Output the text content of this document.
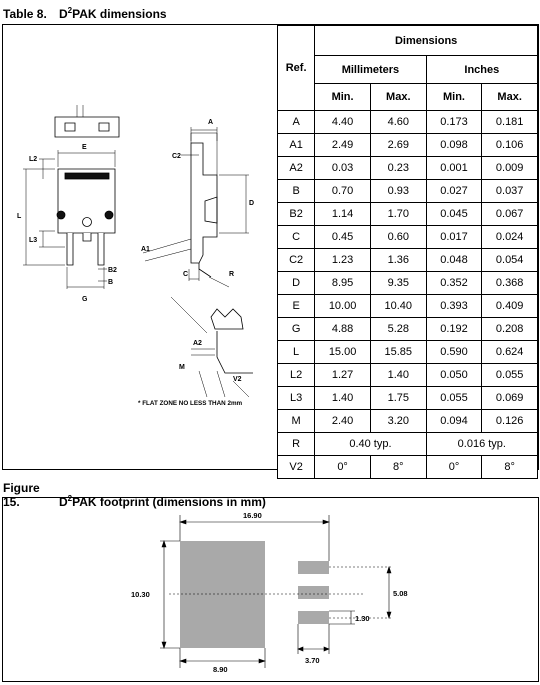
Table 8. $D^2PAK$ dimensions
A
C2
E
L2
L
D
L3
A1
B2
B
C	R
G
A2
M
V2
* FLAT ZONE NO LESS THAN 2mm
Ref.	Dimensions			
	Millimeters		Inches	
	Min.	Max.	Min.	Max.
A	4.40	4.60	0.173	0.181
A1	2.49	2.69	0.098	0.106
A2	0.03	0.23	0.001	0.009
B	0.70	0.93	0.027	0.037
B2	1.14	1.70	0.045	0.067
C	0.45	0.60	0.017	0.024
C2	1.23	1.36	0.048	0.054
D	8.95	9.35	0.352	0.368
E	10.00	10.40	0.393	0.409
G	4.88	5.28	0.192	0.208
L	15.00	15.85	0.590	0.624
L2	1.27	1.40	0.050	0.055
L3	1.40	1.75	0.055	0.069
M	2.40	3.20	0.094	0.126
R	0.40 typ.		0.016 typ.	
V2	0°	8°	0°	8°
Figure 15.	$D^2PAK$ footprint (dimensions in mm)
16.90
10.30
8.90
5.08
1.30
3.70
